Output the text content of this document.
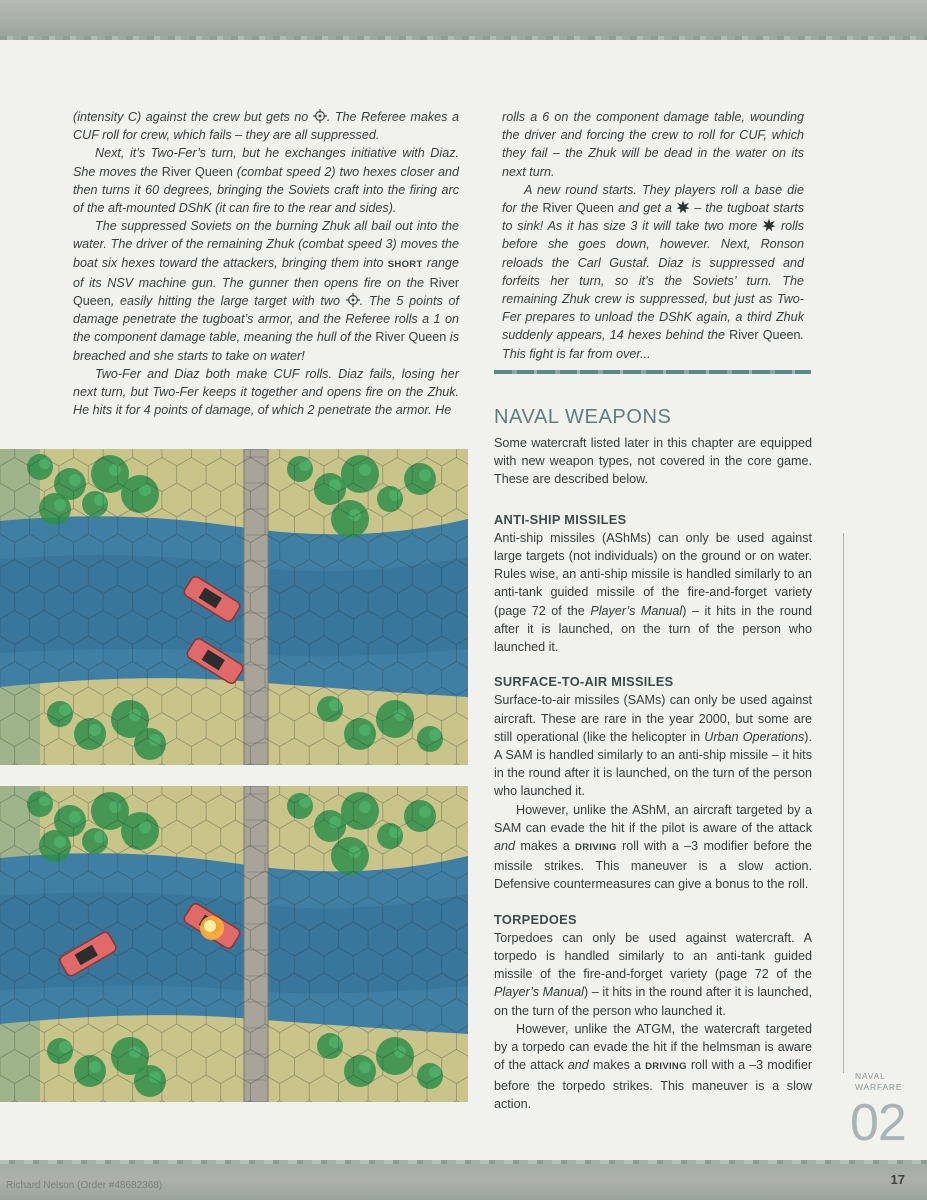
(intensity C) against the crew but gets no . The Referee makes a CUF roll for crew, which fails – they are all suppressed.

Next, it’s Two-Fer’s turn, but he exchanges initiative with Diaz. She moves the River Queen (combat speed 2) two hexes closer and then turns it 60 degrees, bringing the Soviets craft into the firing arc of the aft-mounted DShK (it can fire to the rear and sides).

The suppressed Soviets on the burning Zhuk all bail out into the water. The driver of the remaining Zhuk (combat speed 3) moves the boat six hexes toward the attackers, bringing them into SHORT range of its NSV machine gun. The gunner then opens fire on the River Queen, easily hitting the large target with two . The 5 points of damage penetrate the tugboat’s armor, and the Referee rolls a 1 on the component damage table, meaning the hull of the River Queen is breached and she starts to take on water!

Two-Fer and Diaz both make CUF rolls. Diaz fails, losing her next turn, but Two-Fer keeps it together and opens fire on the Zhuk. He hits it for 4 points of damage, of which 2 penetrate the armor. He

rolls a 6 on the component damage table, wounding the driver and forcing the crew to roll for CUF, which they fail – the Zhuk will be dead in the water on its next turn.

A new round starts. They players roll a base die for the River Queen and get a – the tugboat starts to sink! As it has size 3 it will take two more rolls before she goes down, however. Next, Ronson reloads the Carl Gustaf. Diaz is suppressed and forfeits her turn, so it’s the Soviets’ turn. The remaining Zhuk crew is suppressed, but just as Two-Fer prepares to unload the DShK again, a third Zhuk suddenly appears, 14 hexes behind the River Queen. This fight is far from over...

NAVAL WEAPONS

Some watercraft listed later in this chapter are equipped with new weapon types, not covered in the core game. These are described below.

ANTI-SHIP MISSILES

Anti-ship missiles (AShMs) can only be used against large targets (not individuals) on the ground or on water. Rules wise, an anti-ship missile is handled similarly to an anti-tank guided missile of the fire-and-forget variety (page 72 of the Player’s Manual) – it hits in the round after it is launched, on the turn of the person who launched it.

SURFACE-TO-AIR MISSILES

Surface-to-air missiles (SAMs) can only be used against aircraft. These are rare in the year 2000, but some are still operational (like the helicopter in Urban Operations). A SAM is handled similarly to an anti-ship missile – it hits in the round after it is launched, on the turn of the person who launched it.

However, unlike the AShM, an aircraft targeted by a SAM can evade the hit if the pilot is aware of the attack and makes a DRIVING roll with a –3 modifier before the missile strikes. This maneuver is a slow action. Defensive countermeasures can give a bonus to the roll.

TORPEDOES

Torpedoes can only be used against watercraft. A torpedo is handled similarly to an anti-tank guided missile of the fire-and-forget variety (page 72 of the Player’s Manual) – it hits in the round after it is launched, on the turn of the person who launched it.

However, unlike the ATGM, the watercraft targeted by a torpedo can evade the hit if the helmsman is aware of the attack and makes a DRIVING roll with a –3 modifier before the torpedo strikes. This maneuver is a slow action.

NAVAL
WARFARE
02
Richard Nelson (Order #48682368)	17
